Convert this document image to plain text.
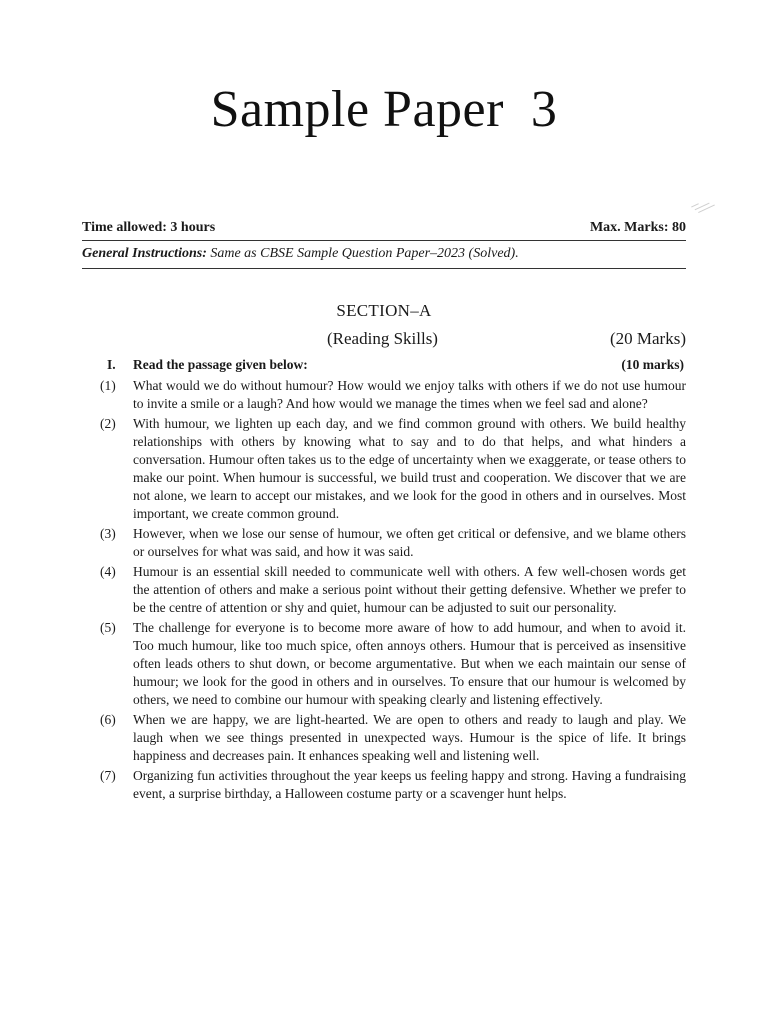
Sample Paper  3
Time allowed: 3 hours	Max. Marks: 80
General Instructions: Same as CBSE Sample Question Paper–2023 (Solved).
SECTION–A
(Reading Skills)	(20 Marks)
I. Read the passage given below:	(10 marks)
(1) What would we do without humour? How would we enjoy talks with others if we do not use humour to invite a smile or a laugh? And how would we manage the times when we feel sad and alone?
(2) With humour, we lighten up each day, and we find common ground with others. We build healthy relationships with others by knowing what to say and to do that helps, and what hinders a conversation. Humour often takes us to the edge of uncertainty when we exaggerate, or tease others to make our point. When humour is successful, we build trust and cooperation. We discover that we are not alone, we learn to accept our mistakes, and we look for the good in others and in ourselves. Most important, we create common ground.
(3) However, when we lose our sense of humour, we often get critical or defensive, and we blame others or ourselves for what was said, and how it was said.
(4) Humour is an essential skill needed to communicate well with others. A few well-chosen words get the attention of others and make a serious point without their getting defensive. Whether we prefer to be the centre of attention or shy and quiet, humour can be adjusted to suit our personality.
(5) The challenge for everyone is to become more aware of how to add humour, and when to avoid it. Too much humour, like too much spice, often annoys others. Humour that is perceived as insensitive often leads others to shut down, or become argumentative. But when we each maintain our sense of humour; we look for the good in others and in ourselves. To ensure that our humour is welcomed by others, we need to combine our humour with speaking clearly and listening effectively.
(6) When we are happy, we are light-hearted. We are open to others and ready to laugh and play. We laugh when we see things presented in unexpected ways. Humour is the spice of life. It brings happiness and decreases pain. It enhances speaking well and listening well.
(7) Organizing fun activities throughout the year keeps us feeling happy and strong. Having a fundraising event, a surprise birthday, a Halloween costume party or a scavenger hunt helps.
